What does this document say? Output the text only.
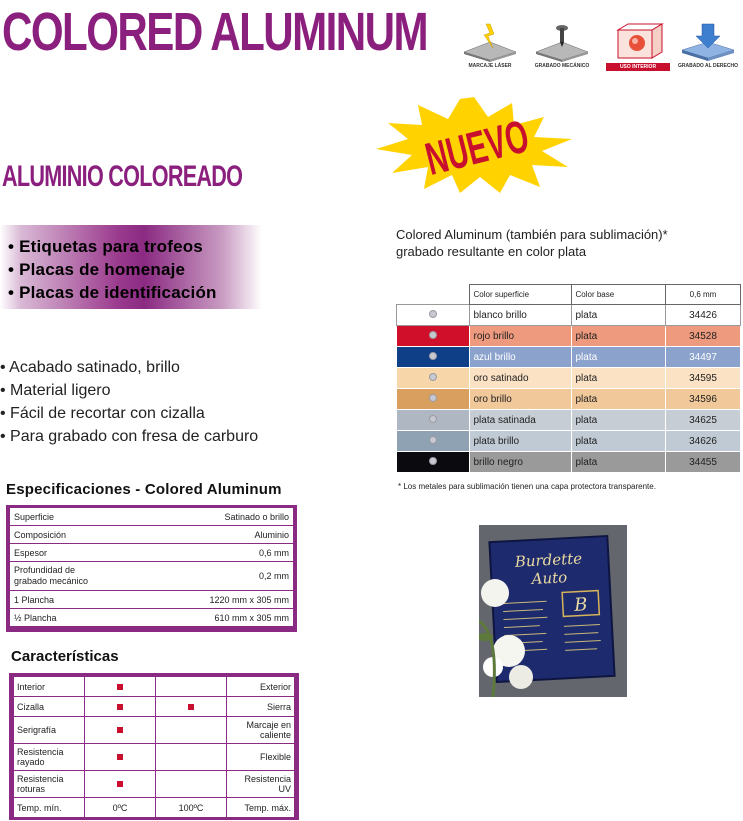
COLORED ALUMINUM
MARCAJE LÁSER	GRABADO MECÁNICO	USO INTERIOR	GRABADO AL DERECHO
NUEVO
ALUMINIO COLOREADO
• Etiquetas para trofeos
• Placas de homenaje
• Placas de identificación
• Acabado satinado, brillo
• Material ligero
• Fácil de recortar con cizalla
• Para grabado con fresa de carburo
Especificaciones - Colored Aluminum
Superficie	Satinado o brillo
Composición	Aluminio
Espesor	0,6 mm
Profundidad de grabado mecánico	0,2 mm
1 Plancha	1220 mm x 305 mm
½ Plancha	610 mm x 305 mm
Características
Interior			Exterior
Cizalla			Sierra
Serigrafía			Marcaje en caliente
Resistencia rayado			Flexible
Resistencia roturas			Resistencia UV
Temp. mín.	0ºC	100ºC	Temp. máx.
Colored Aluminum (también para sublimación)*
grabado resultante en color plata
	Color superficie	Color base	0,6 mm
	blanco brillo	plata	34426
	rojo brillo	plata	34528
	azul brillo	plata	34497
	oro satinado	plata	34595
	oro brillo	plata	34596
	plata satinada	plata	34625
	plata brillo	plata	34626
	brillo negro	plata	34455
* Los metales para sublimación tienen una capa protectora transparente.
Burdette
Auto
B
